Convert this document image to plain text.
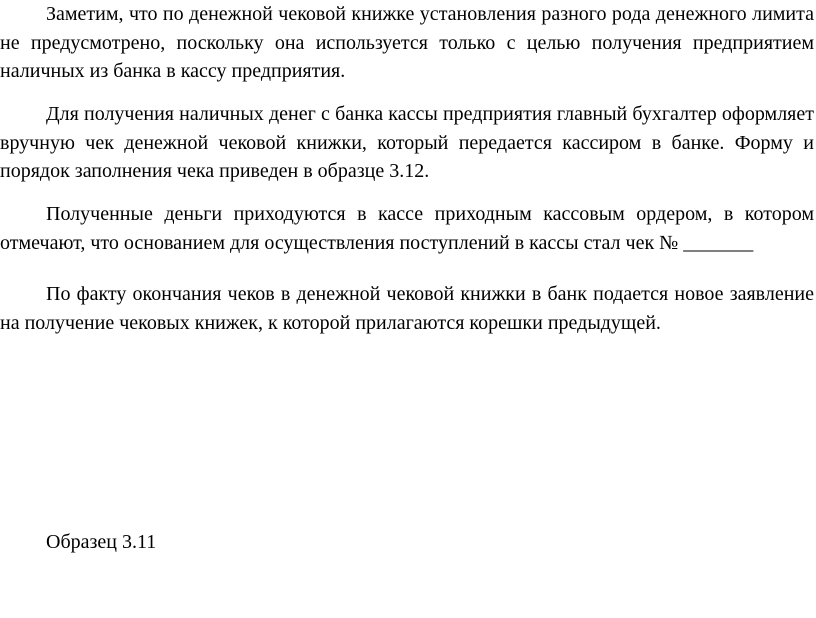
Заметим, что по денежной чековой книжке установления разного рода денежного лимита не предусмотрено, поскольку она используется только с целью получения предприятием наличных из банка в кассу предприятия.

Для получения наличных денег с банка кассы предприятия главный бухгалтер оформляет вручную чек денежной чековой книжки, который передается кассиром в банке. Форму и порядок заполнения чека приведен в образце 3.12.

Полученные деньги приходуются в кассе приходным кассовым ордером, в котором отмечают, что основанием для осуществления поступлений в кассы стал чек № _______

По факту окончания чеков в денежной чековой книжки в банк подается новое заявление на получение чековых книжек, к которой прилагаются корешки предыдущей.

Образец 3.11
